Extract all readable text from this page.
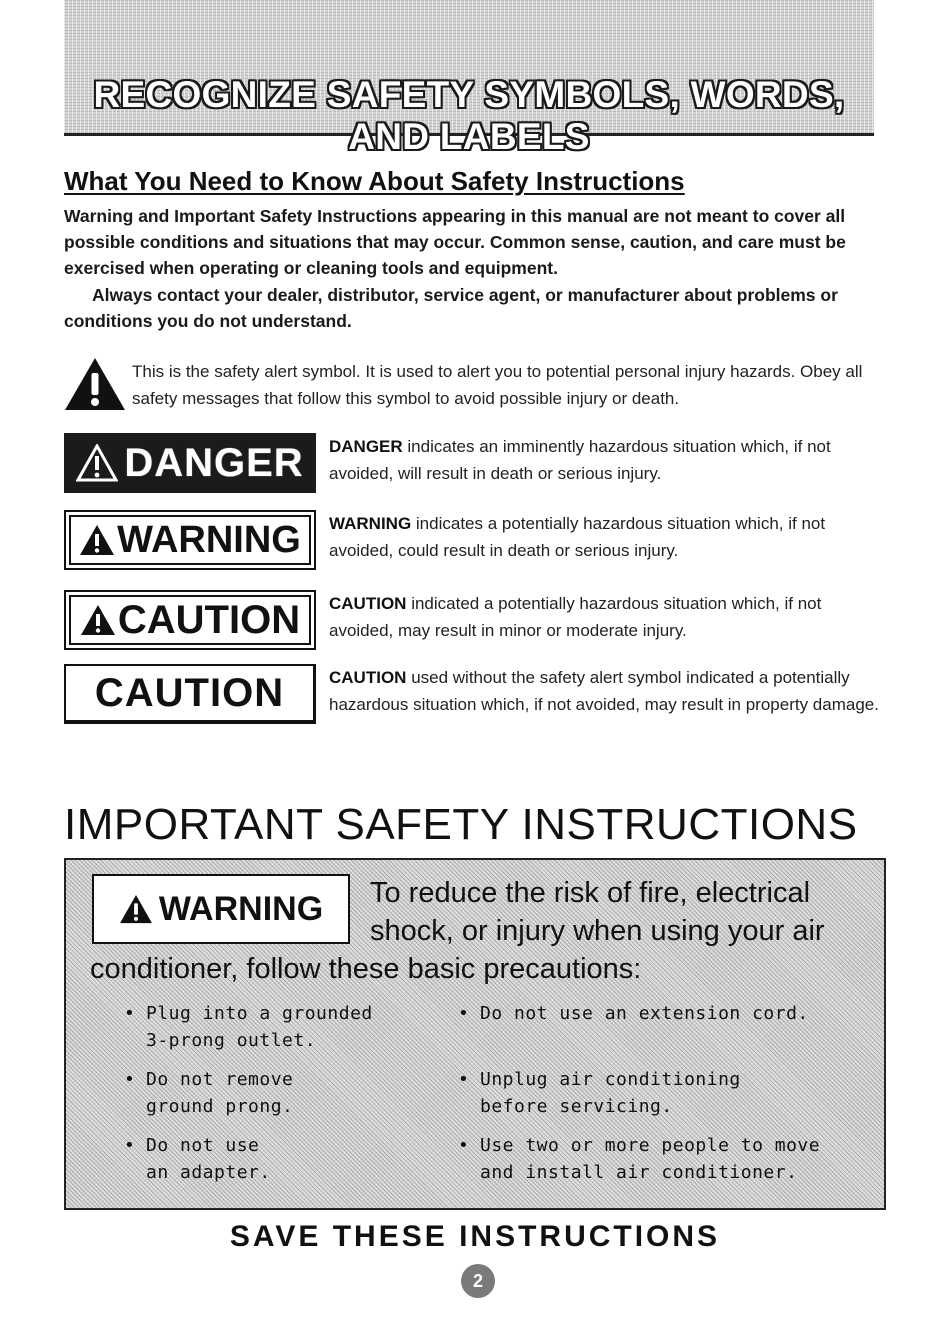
RECOGNIZE SAFETY SYMBOLS, WORDS, AND LABELS
What You Need to Know About Safety Instructions
Warning and Important Safety Instructions appearing in this manual are not meant to cover all possible conditions and situations that may occur. Common sense, caution, and care must be exercised when operating or cleaning tools and equipment.
Always contact your dealer, distributor, service agent, or manufacturer about problems or conditions you do not understand.
This is the safety alert symbol. It is used to alert you to potential personal injury hazards. Obey all safety messages that follow this symbol to avoid possible injury or death.
DANGER DANGER indicates an imminently hazardous situation which, if not avoided, will result in death or serious injury.
WARNING WARNING indicates a potentially hazardous situation which, if not avoided, could result in death or serious injury.
CAUTION CAUTION indicated a potentially hazardous situation which, if not avoided, may result in minor or moderate injury.
CAUTION	CAUTION used without the safety alert symbol indicated a potentially hazardous situation which, if not avoided, may result in property damage.
IMPORTANT SAFETY INSTRUCTIONS
WARNING To reduce the risk of fire, electrical shock, or injury when using your air
conditioner, follow these basic precautions:
• Plug into a grounded
3-prong outlet.
• Do not remove
ground prong.
• Do not use
an adapter.
• Do not use an extension cord.
• Unplug air conditioning
before servicing.
• Use two or more people to move
and install air conditioner.
SAVE THESE INSTRUCTIONS
2
